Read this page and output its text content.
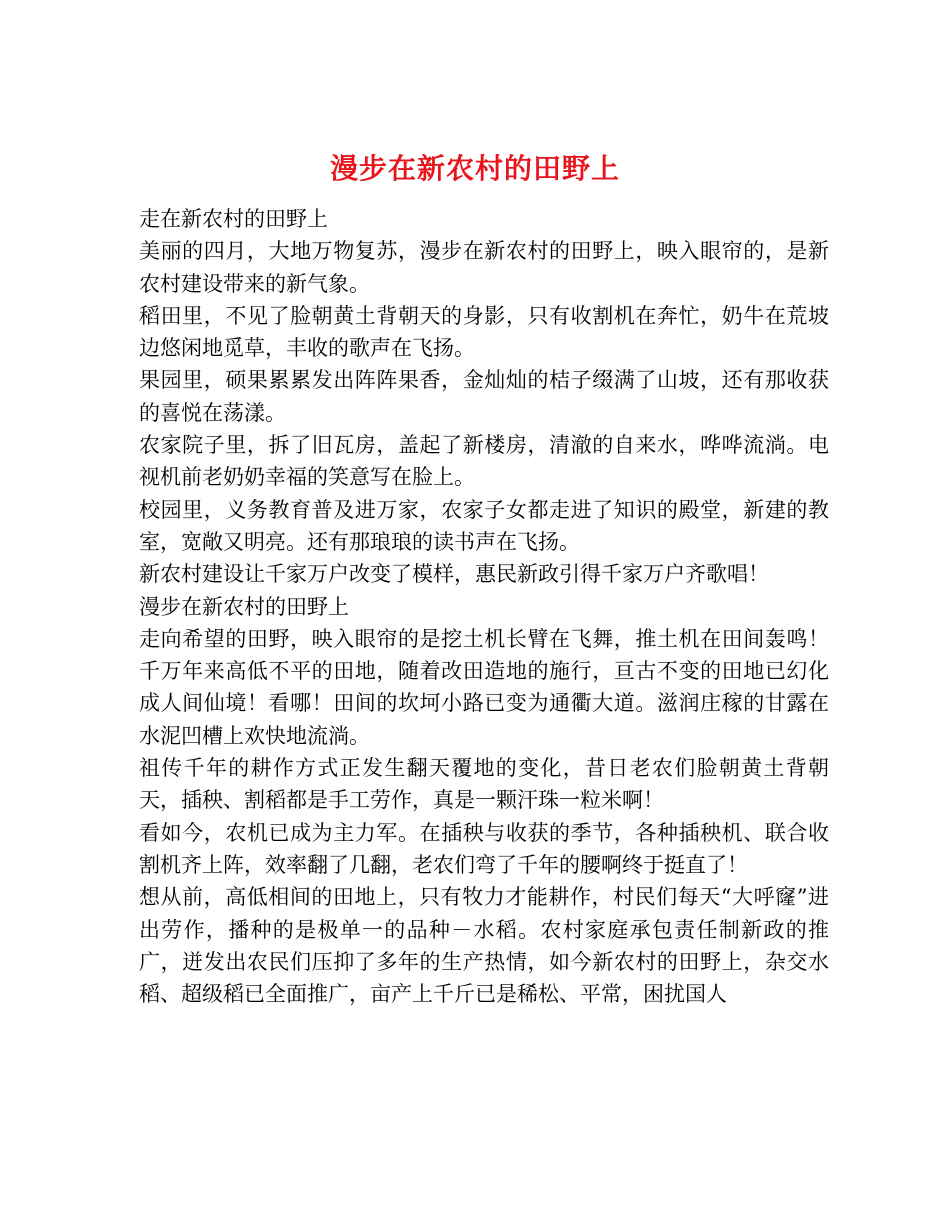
漫步在新农村的田野上

走在新农村的田野上

美丽的四月，大地万物复苏，漫步在新农村的田野上，映入眼帘的，是新农村建设带来的新气象。

稻田里，不见了脸朝黄土背朝天的身影，只有收割机在奔忙，奶牛在荒坡边悠闲地觅草，丰收的歌声在飞扬。

果园里，硕果累累发出阵阵果香，金灿灿的桔子缀满了山坡，还有那收获的喜悦在荡漾。

农家院子里，拆了旧瓦房，盖起了新楼房，清澈的自来水，哗哗流淌。电视机前老奶奶幸福的笑意写在脸上。

校园里，义务教育普及进万家，农家子女都走进了知识的殿堂，新建的教室，宽敞又明亮。还有那琅琅的读书声在飞扬。

新农村建设让千家万户改变了模样，惠民新政引得千家万户齐歌唱！

漫步在新农村的田野上

走向希望的田野，映入眼帘的是挖土机长臂在飞舞，推土机在田间轰鸣！千万年来高低不平的田地，随着改田造地的施行，亘古不变的田地已幻化成人间仙境！看哪！田间的坎坷小路已变为通衢大道。滋润庄稼的甘露在水泥凹槽上欢快地流淌。

祖传千年的耕作方式正发生翻天覆地的变化，昔日老农们脸朝黄土背朝天，插秧、割稻都是手工劳作，真是一颗汗珠一粒米啊！

看如今，农机已成为主力军。在插秧与收获的季节，各种插秧机、联合收割机齐上阵，效率翻了几翻，老农们弯了千年的腰啊终于挺直了！

想从前，高低相间的田地上，只有牧力才能耕作，村民们每天“大呼窿”进出劳作，播种的是极单一的品种－水稻。农村家庭承包责任制新政的推广，迸发出农民们压抑了多年的生产热情，如今新农村的田野上，杂交水稻、超级稻已全面推广，亩产上千斤已是稀松、平常，困扰国人
